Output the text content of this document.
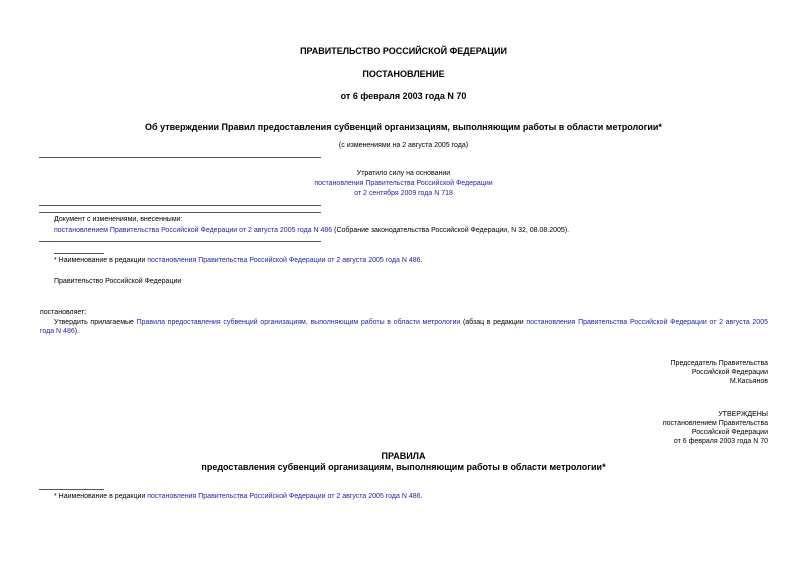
ПРАВИТЕЛЬСТВО РОССИЙСКОЙ ФЕДЕРАЦИИ
ПОСТАНОВЛЕНИЕ
от 6 февраля 2003 года N 70
Об утверждении Правил предоставления субвенций организациям, выполняющим работы в области метрологии*
(с изменениями на 2 августа 2005 года)
Утратило силу на основании
постановления Правительства Российской Федерации
от 2 сентября 2009 года N 718
Документ с изменениями, внесенными:
постановлением Правительства Российской Федерации от 2 августа 2005 года N 486 (Собрание законодательства Российской Федерации, N 32, 08.08.2005).
* Наименование в редакции постановления Правительства Российской Федерации от 2 августа 2005 года N 486.
Правительство Российской Федерации
постановляет:
Утвердить прилагаемые Правила предоставления субвенций организациям, выполняющим работы в области метрологии (абзац в редакции постановления Правительства Российской Федерации от 2 августа 2005 года N 486).
Председатель Правительства
Российской Федерации
М.Касьянов
УТВЕРЖДЕНЫ
постановлением Правительства
Российской Федерации
от 6 февраля 2003 года N 70
ПРАВИЛА
предоставления субвенций организациям, выполняющим работы в области метрологии*
* Наименование в редакции постановления Правительства Российской Федерации от 2 августа 2005 года N 486.
